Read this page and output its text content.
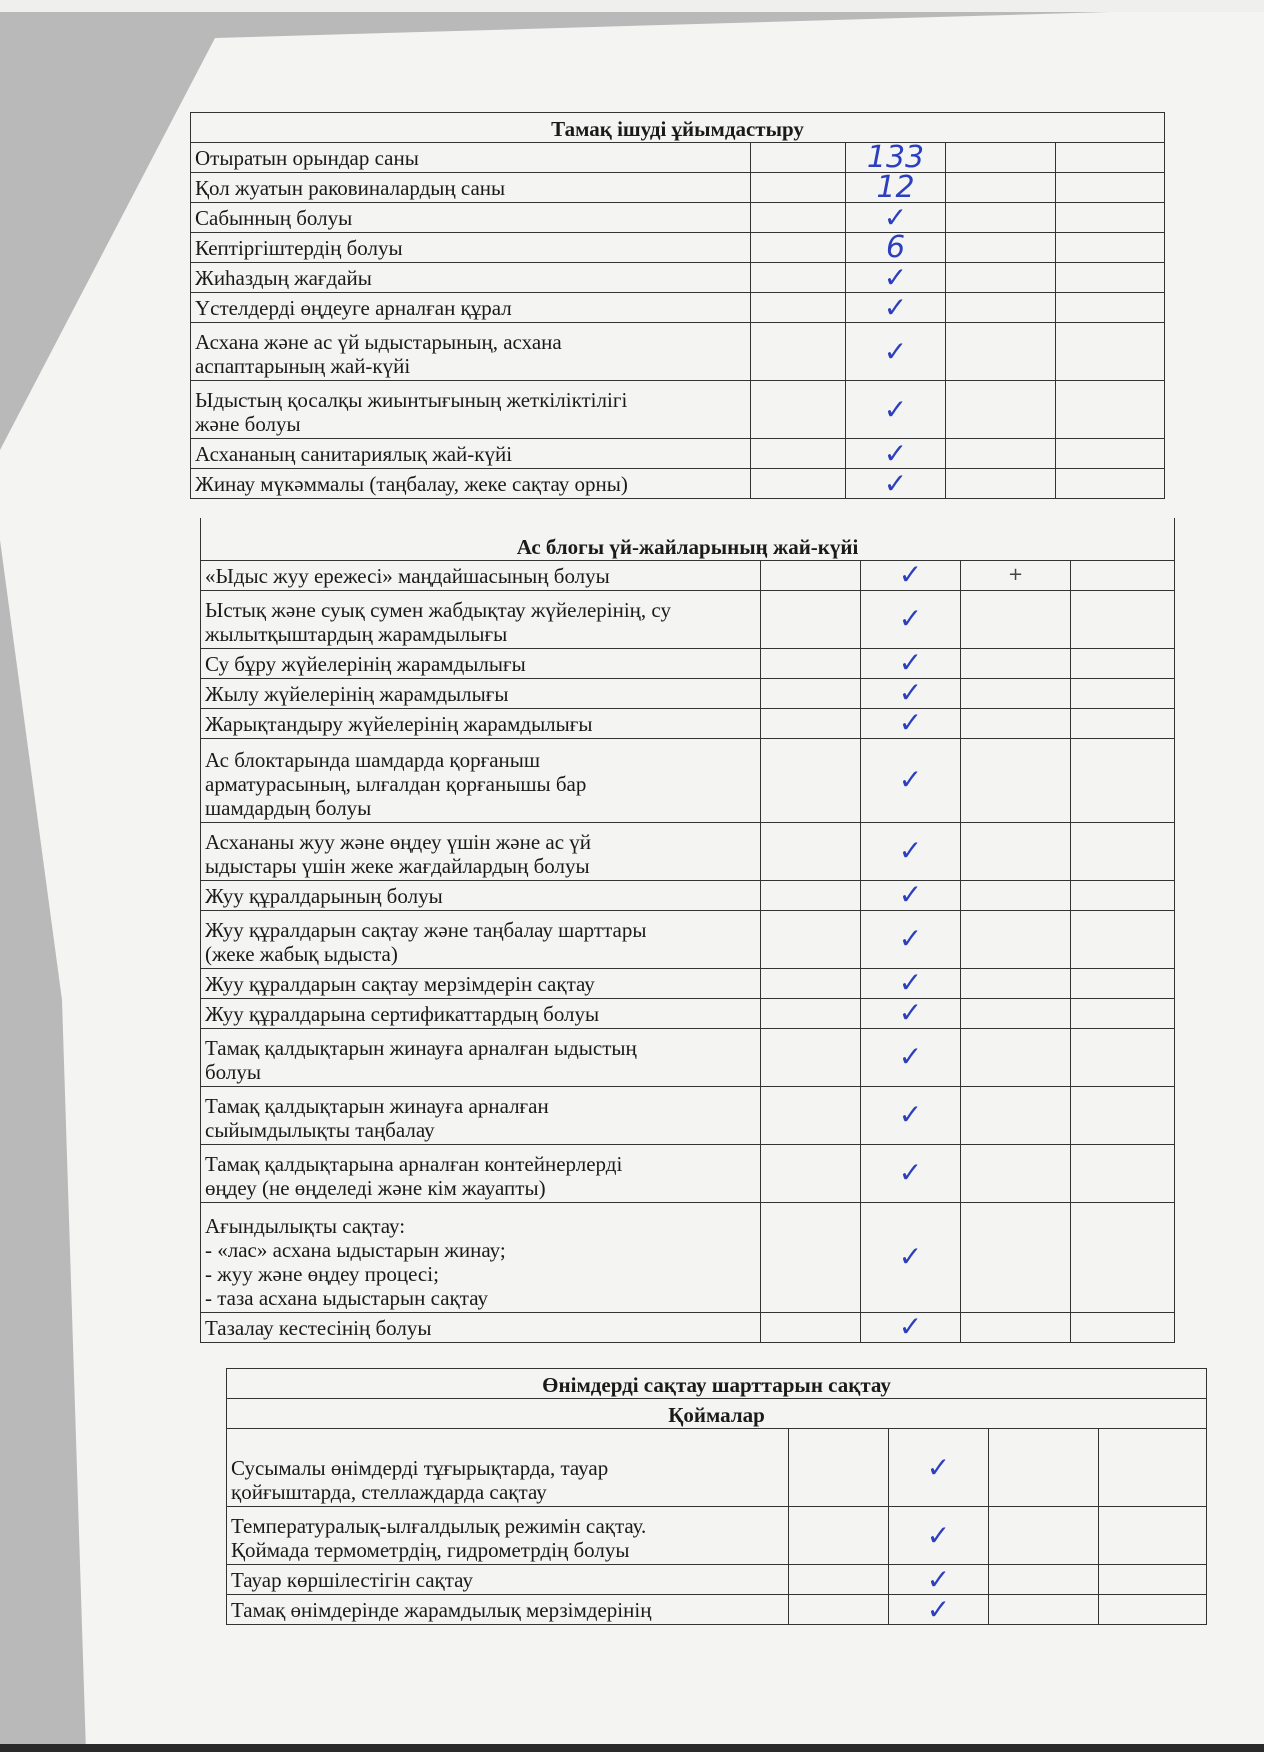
Тамақ ішуді ұйымдастыру				
Отыратын орындар саны		133		
Қол жуатын раковиналардың саны		12		
Сабынның болуы		✓		
Кептіргіштердің болуы		6		
Жиһаздың жағдайы		✓		
Үстелдерді өңдеуге арналған құрал		✓		
Асхана және ас үй ыдыстарының, асхана
аспаптарының жай-күйі		✓		
Ыдыстың қосалқы жиынтығының жеткіліктілігі
және болуы		✓		
Асхананың санитариялық жай-күйі		✓		
Жинау мүкәммалы (таңбалау, жеке сақтау орны)		✓		
Ас блогы үй-жайларының жай-күйі				
«Ыдыс жуу ережесі» маңдайшасының болуы		✓	+	
Ыстық және суық сумен жабдықтау жүйелерінің, су
жылытқыштардың жарамдылығы		✓		
Су бұру жүйелерінің жарамдылығы		✓		
Жылу жүйелерінің жарамдылығы		✓		
Жарықтандыру жүйелерінің жарамдылығы		✓		
Ас блоктарында шамдарда қорғаныш
арматурасының, ылғалдан қорғанышы бар
шамдардың болуы		✓		
Асхананы жуу және өңдеу үшін және ас үй
ыдыстары үшін жеке жағдайлардың болуы		✓		
Жуу құралдарының болуы		✓		
Жуу құралдарын сақтау және таңбалау шарттары
(жеке жабық ыдыста)		✓		
Жуу құралдарын сақтау мерзімдерін сақтау		✓		
Жуу құралдарына сертификаттардың болуы		✓		
Тамақ қалдықтарын жинауға арналған ыдыстың
болуы		✓		
Тамақ қалдықтарын жинауға арналған
сыйымдылықты таңбалау		✓		
Тамақ қалдықтарына арналған контейнерлерді
өңдеу (не өңделеді және кім жауапты)		✓		
Ағындылықты сақтау:
- «лас» асхана ыдыстарын жинау;
- жуу және өңдеу процесі;
- таза асхана ыдыстарын сақтау		✓		
Тазалау кестесінің болуы		✓		
Өнімдерді сақтау шарттарын сақтау				
Қоймалар				
Сусымалы өнімдерді тұғырықтарда, тауар
қойғыштарда, стеллаждарда сақтау		✓		
Температуралық-ылғалдылық режимін сақтау.
Қоймада термометрдің, гидрометрдің болуы		✓		
Тауар көршілестігін сақтау		✓		
Тамақ өнімдерінде жарамдылық мерзімдерінің		✓		
